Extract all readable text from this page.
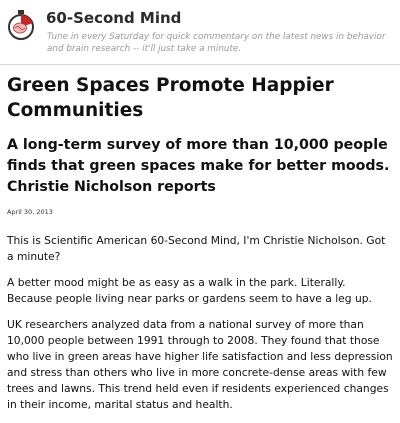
60-Second Mind

Tune in every Saturday for quick commentary on the latest news in behavior and brain research -- it'll just take a minute.

Green Spaces Promote Happier Communities

A long-term survey of more than 10,000 people finds that green spaces make for better moods. Christie Nicholson reports

April 30, 2013

This is Scientific American 60-Second Mind, I'm Christie Nicholson. Got a minute?

A better mood might be as easy as a walk in the park. Literally. Because people living near parks or gardens seem to have a leg up.

UK researchers analyzed data from a national survey of more than 10,000 people between 1991 through to 2008. They found that those who live in green areas have higher life satisfaction and less depression and stress than others who live in more concrete-dense areas with few trees and lawns. This trend held even if residents experienced changes in their income, marital status and health.
